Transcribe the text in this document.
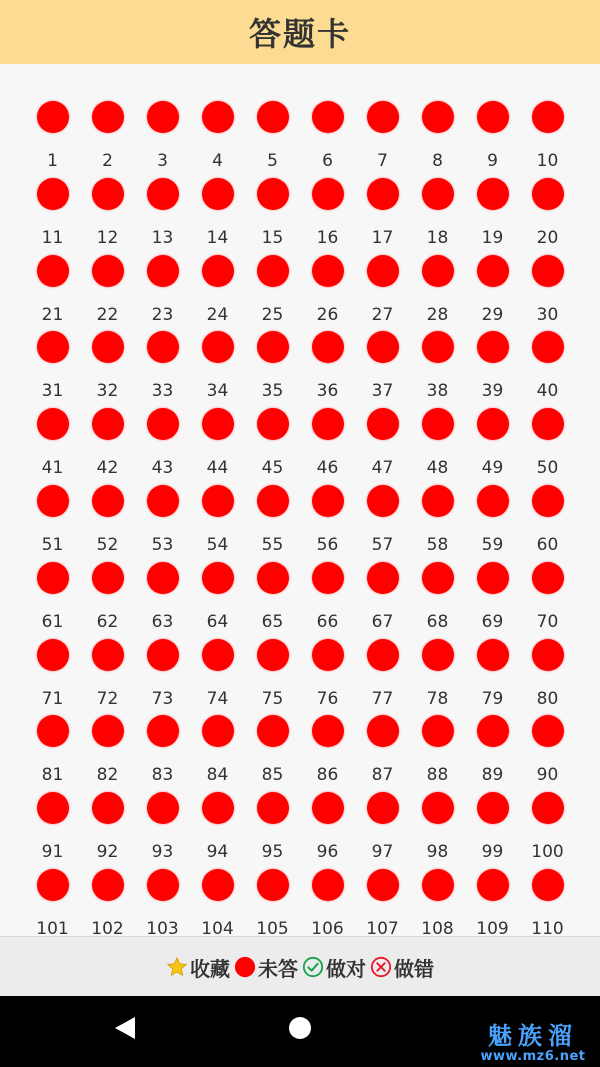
答题卡
1	2	3	4	5	6	7	8	9 10
11 12 13 14 15 16 17 18 19 20
21 22 23 24 25 26 27 28 29 30
31 32 33 34 35 36 37 38 39 40
41 42 43 44 45 46 47 48 49 50
51 52 53 54 55 56 57 58 59 60
61 62 63 64 65 66 67 68 69 70
71 72 73 74 75 76 77 78 79 80
81 82 83 84 85 86 87 88 89 90
91 92 93 94 95 96 97 98 99 100
101 102 103 104 105 106 107 108 109 110
收藏 未答 做对 做错
魅族溜
www.mz6.net
